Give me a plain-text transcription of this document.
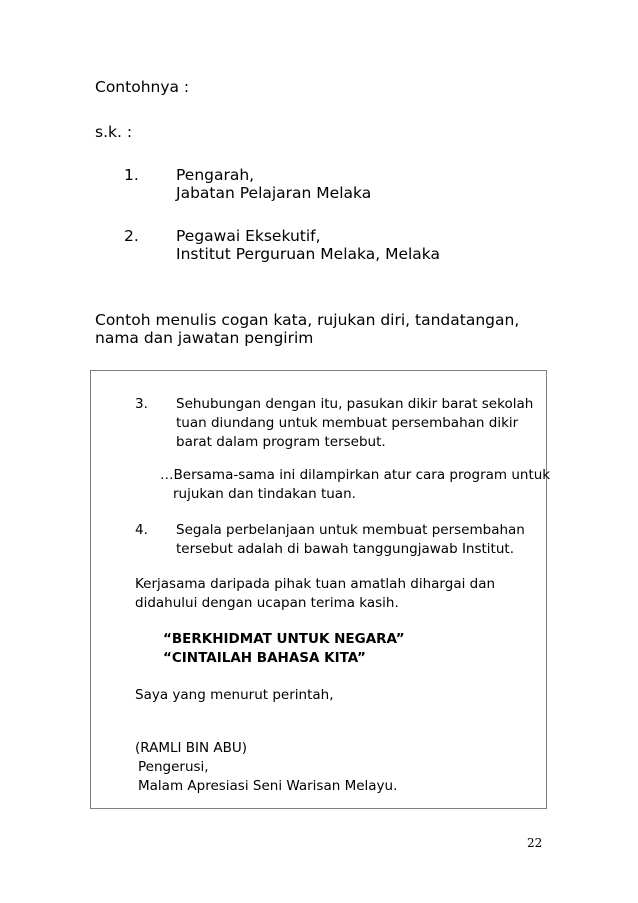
Contohnya :
s.k. :
1. Pengarah,
Jabatan Pelajaran Melaka
2. Pegawai Eksekutif,
Institut Perguruan Melaka, Melaka
Contoh menulis cogan kata, rujukan diri, tandatangan,
nama dan jawatan pengirim
3. Sehubungan dengan itu, pasukan dikir barat sekolah
tuan diundang untuk membuat persembahan dikir
barat dalam program tersebut.
…Bersama-sama ini dilampirkan atur cara program untuk
rujukan dan tindakan tuan.
4. Segala perbelanjaan untuk membuat persembahan
tersebut adalah di bawah tanggungjawab Institut.
Kerjasama daripada pihak tuan amatlah dihargai dan
didahului dengan ucapan terima kasih.
“BERKHIDMAT UNTUK NEGARA”
“CINTAILAH BAHASA KITA”
Saya yang menurut perintah,
(RAMLI BIN ABU)
Pengerusi,
Malam Apresiasi Seni Warisan Melayu.
22
